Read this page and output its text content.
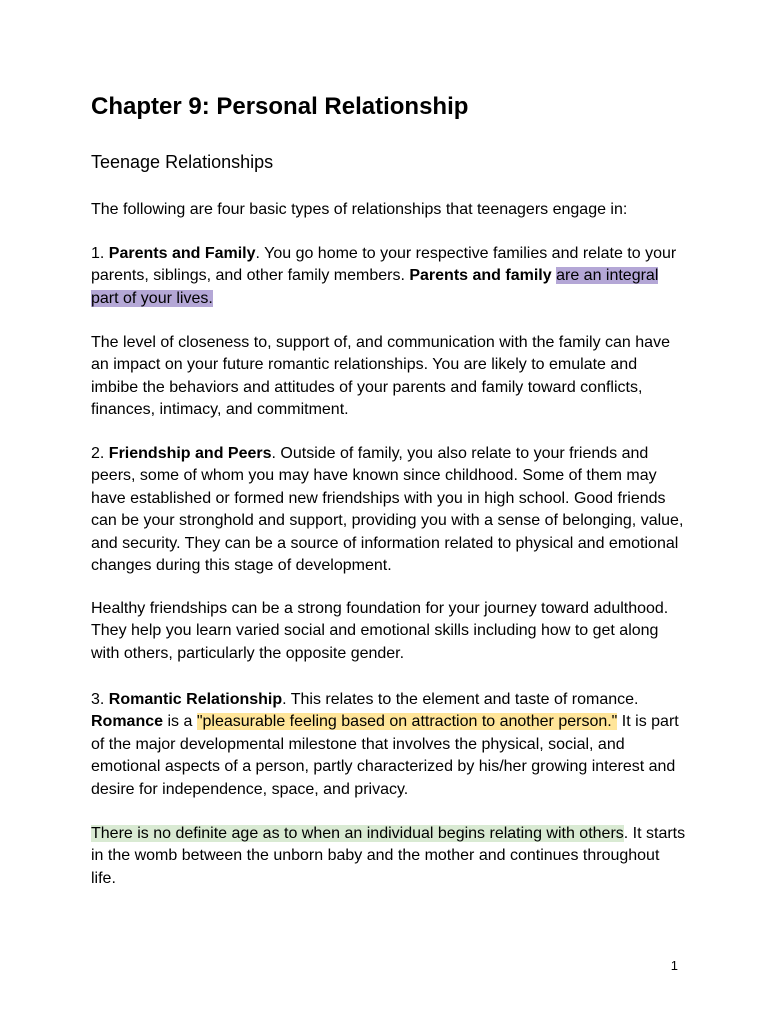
Chapter 9: Personal Relationship
Teenage Relationships

The following are four basic types of relationships that teenagers engage in:

1. Parents and Family. You go home to your respective families and relate to your parents, siblings, and other family members. Parents and family are an integral part of your lives.

The level of closeness to, support of, and communication with the family can have an impact on your future romantic relationships. You are likely to emulate and imbibe the behaviors and attitudes of your parents and family toward conflicts, finances, intimacy, and commitment.

2. Friendship and Peers. Outside of family, you also relate to your friends and peers, some of whom you may have known since childhood. Some of them may have established or formed new friendships with you in high school. Good friends can be your stronghold and support, providing you with a sense of belonging, value, and security. They can be a source of information related to physical and emotional changes during this stage of development.

Healthy friendships can be a strong foundation for your journey toward adulthood. They help you learn varied social and emotional skills including how to get along with others, particularly the opposite gender.

3. Romantic Relationship. This relates to the element and taste of romance. Romance is a "pleasurable feeling based on attraction to another person." It is part of the major developmental milestone that involves the physical, social, and emotional aspects of a person, partly characterized by his/her growing interest and desire for independence, space, and privacy.

There is no definite age as to when an individual begins relating with others. It starts in the womb between the unborn baby and the mother and continues throughout life.

1
